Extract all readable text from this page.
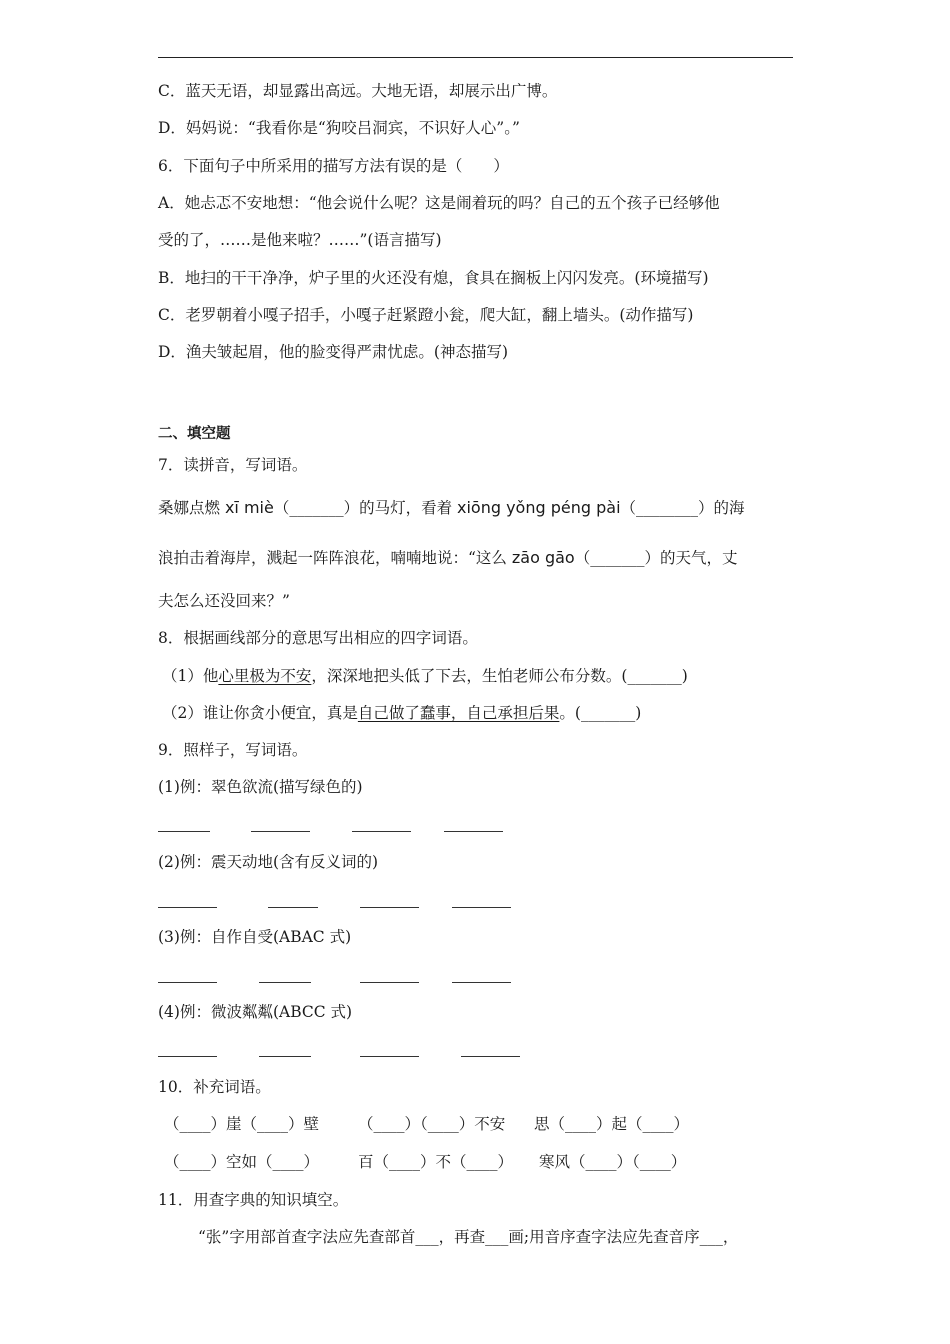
C．蓝天无语，却显露出高远。大地无语，却展示出广博。
D．妈妈说：“我看你是“狗咬吕洞宾，不识好人心”。”
6．下面句子中所采用的描写方法有误的是（　　）
A．她忐忑不安地想：“他会说什么呢？这是闹着玩的吗？自己的五个孩子已经够他
受的了，……是他来啦？……”(语言描写)
B．地扫的干干净净，炉子里的火还没有熄，食具在搁板上闪闪发亮。(环境描写)
C．老罗朝着小嘎子招手，小嘎子赶紧蹬小瓮，爬大缸，翻上墙头。(动作描写)
D．渔夫皱起眉，他的脸变得严肃忧虑。(神态描写)
二、填空题
7．读拼音，写词语。
桑娜点燃 xī miè（_______）的马灯，看着 xiōng yǒng péng pài（________）的海
浪拍击着海岸，溅起一阵阵浪花，喃喃地说：“这么 zāo gāo（_______）的天气，丈
夫怎么还没回来？”
8．根据画线部分的意思写出相应的四字词语。
（1）他心里极为不安，深深地把头低了下去，生怕老师公布分数。(_______)
（2）谁让你贪小便宜，真是自己做了蠢事，自己承担后果。(_______)
9．照样子，写词语。
(1)例：翠色欲流(描写绿色的)
(2)例：震天动地(含有反义词的)
(3)例：自作自受(ABAC 式)
(4)例：微波粼粼(ABCC 式)
10．补充词语。
（____）崖（____）壁	（____）（____）不安 思（____）起（____）
（____）空如（____）	百（____）不（____） 寒风（____）（____）
11．用查字典的知识填空。
“张”字用部首查字法应先查部首___，再查___画;用音序查字法应先查音序___，
